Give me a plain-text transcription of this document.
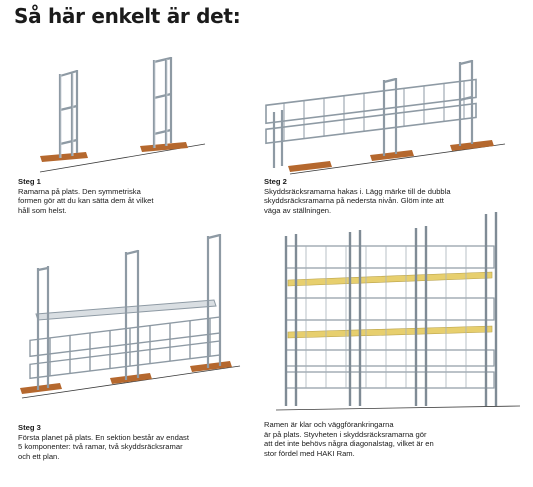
Så här enkelt är det:
Steg 1
Ramarna på plats. Den symmetriska
formen gör att du kan sätta dem åt vilket
håll som helst.
Steg 2
Skyddsräcksramarna hakas i. Lägg märke till de dubbla
skyddsräcksramarna på nedersta nivån. Glöm inte att
väga av ställningen.
Steg 3
Första planet på plats. En sektion består av endast
5 komponenter: två ramar, två skyddsräcksramar
och ett plan.
Ramen är klar och väggförankringarna
är på plats. Styvheten i skyddsräcksramarna gör
att det inte behövs några diagonalstag, vilket är en
stor fördel med HAKI Ram.
